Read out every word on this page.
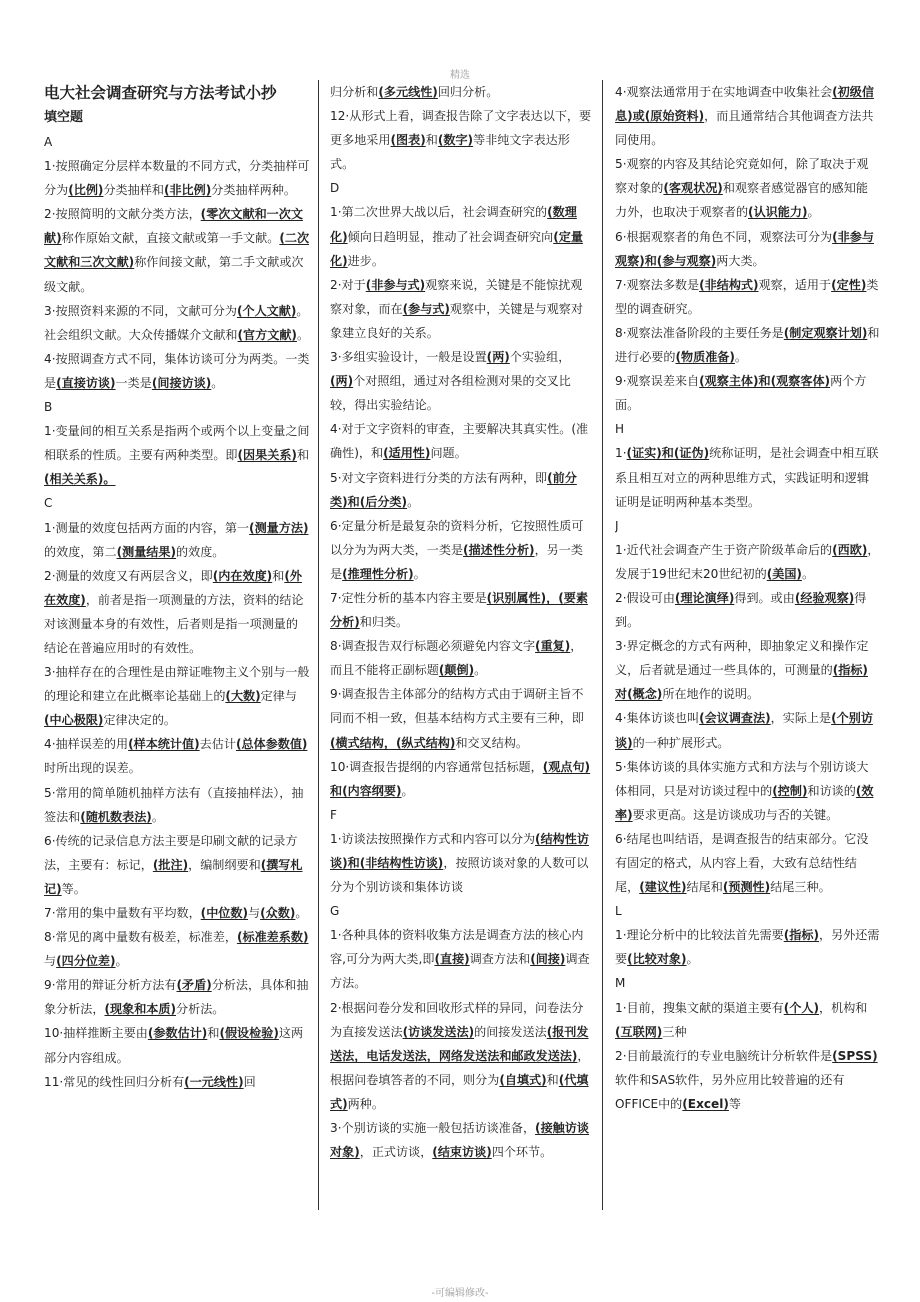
精选
电大社会调查研究与方法考试小抄
填空题
A
1·按照确定分层样本数量的不同方式，分类抽样可分为(比例)分类抽样和(非比例)分类抽样两种。
2·按照简明的文献分类方法，(零次文献和一次文献)称作原始文献，直接文献或第一手文献。(二次文献和三次文献)称作间接文献，第二手文献或次级文献。
3·按照资料来源的不同，文献可分为(个人文献)。社会组织文献。大众传播媒介文献和(官方文献)。
4·按照调查方式不同，集体访谈可分为两类。一类是(直接访谈)一类是(间接访谈)。
B
1·变量间的相互关系是指两个或两个以上变量之间相联系的性质。主要有两种类型。即(因果关系)和(相关关系)。
C
1·测量的效度包括两方面的内容，第一(测量方法)的效度，第二(测量结果)的效度。
2·测量的效度又有两层含义，即(内在效度)和(外在效度)，前者是指一项测量的方法，资料的结论对该测量本身的有效性，后者则是指一项测量的结论在普遍应用时的有效性。
3·抽样存在的合理性是由辩证唯物主义个别与一般的理论和建立在此概率论基础上的(大数)定律与(中心极限)定律决定的。
4·抽样误差的用(样本统计值)去估计(总体参数值)时所出现的误差。
5·常用的简单随机抽样方法有（直接抽样法），抽签法和(随机数表法)。
6·传统的记录信息方法主要是印刷文献的记录方法，主要有：标记，(批注)，编制纲要和(撰写札记)等。
7·常用的集中量数有平均数，(中位数)与(众数)。
8·常见的离中量数有极差，标准差，(标准差系数)与(四分位差)。
9·常用的辩证分析方法有(矛盾)分析法，具体和抽象分析法，(现象和本质)分析法。
10·抽样推断主要由(参数估计)和(假设检验)这两部分内容组成。
11·常见的线性回归分析有(一元线性)回
归分析和(多元线性)回归分析。
12·从形式上看，调查报告除了文字表达以下，要更多地采用(图表)和(数字)等非纯文字表达形式。
D
1·第二次世界大战以后，社会调查研究的(数理化)倾向日趋明显，推动了社会调查研究向(定量化)进步。
2·对于(非参与式)观察来说，关键是不能惊扰观察对象，而在(参与式)观察中，关键是与观察对象建立良好的关系。
3·多组实验设计，一般是设置(两)个实验组，(两)个对照组，通过对各组检测对果的交叉比较，得出实验结论。
4·对于文字资料的审查，主要解决其真实性。(准确性)，和(适用性)问题。
5·对文字资料进行分类的方法有两种，即(前分类)和(后分类)。
6·定量分析是最复杂的资料分析，它按照性质可以分为为两大类，一类是(描述性分析)，另一类是(推理性分析)。
7·定性分析的基本内容主要是(识别属性)，(要素分析)和归类。
8·调查报告双行标题必须避免内容文字(重复)，而且不能将正副标题(颠倒)。
9·调查报告主体部分的结构方式由于调研主旨不同而不相一致，但基本结构方式主要有三种，即(横式结构，(纵式结构)和交叉结构。
10·调查报告提纲的内容通常包括标题，(观点句)和(内容纲要)。
F
1·访谈法按照操作方式和内容可以分为(结构性访谈)和(非结构性访谈)，按照访谈对象的人数可以分为个别访谈和集体访谈
G
1·各种具体的资料收集方法是调查方法的核心内容,可分为两大类,即(直接)调查方法和(间接)调查方法。
2·根据问卷分发和回收形式样的异同，问卷法分为直接发送法(访谈发送法)的间接发送法(报刊发送法，电话发送法，网络发送法和邮政发送法)，根据问卷填答者的不同，则分为(自填式)和(代填式)两种。
3·个别访谈的实施一般包括访谈准备，(接触访谈对象)，正式访谈，(结束访谈)四个环节。
4·观察法通常用于在实地调查中收集社会(初级信息)或(原始资料)，而且通常结合其他调查方法共同使用。
5·观察的内容及其结论究竟如何，除了取决于观察对象的(客观状况)和观察者感觉器官的感知能力外，也取决于观察者的(认识能力)。
6·根据观察者的角色不同，观察法可分为(非参与观察)和(参与观察)两大类。
7·观察法多数是(非结构式)观察，适用于(定性)类型的调查研究。
8·观察法准备阶段的主要任务是(制定观察计划)和进行必要的(物质准备)。
9·观察误差来自(观察主体)和(观察客体)两个方面。
H
1·(证实)和(证伪)统称证明，是社会调查中相互联系且相互对立的两种思维方式，实践证明和逻辑证明是证明两种基本类型。
J
1·近代社会调查产生于资产阶级革命后的(西欧)，发展于19世纪末20世纪初的(美国)。
2·假设可由(理论演绎)得到。或由(经验观察)得到。
3·界定概念的方式有两种，即抽象定义和操作定义，后者就是通过一些具体的，可测量的(指标)对(概念)所在地作的说明。
4·集体访谈也叫(会议调查法)，实际上是(个别访谈)的一种扩展形式。
5·集体访谈的具体实施方式和方法与个别访谈大体相同，只是对访谈过程中的(控制)和访谈的(效率)要求更高。这是访谈成功与否的关键。
6·结尾也叫结语，是调查报告的结束部分。它没有固定的格式，从内容上看，大致有总结性结尾，(建议性)结尾和(预测性)结尾三种。
L
1·理论分析中的比较法首先需要(指标)，另外还需要(比较对象)。
M
1·目前，搜集文献的渠道主要有(个人)，机构和(互联网)三种
2·目前最流行的专业电脑统计分析软件是(SPSS)软件和SAS软件，另外应用比较普遍的还有OFFICE中的(Excel)等
-可编辑修改-
